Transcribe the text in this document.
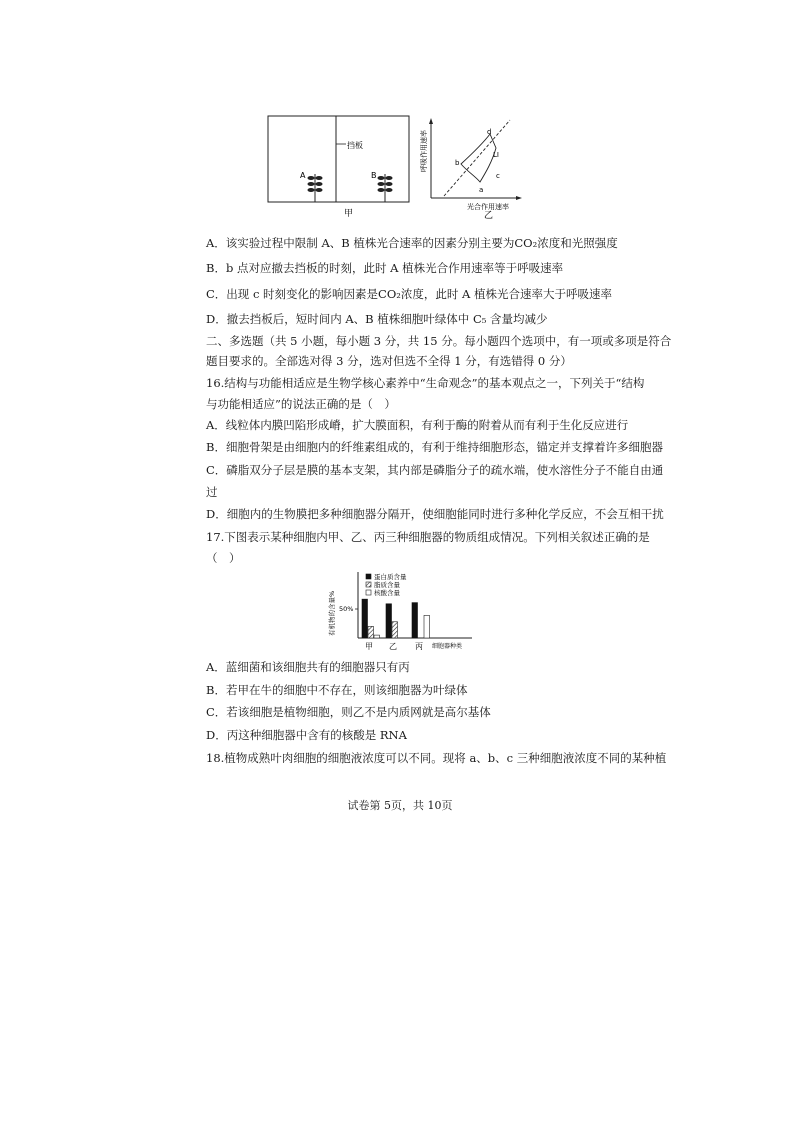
挡板
A	B
甲
呼吸作用速率
光合作用速率
乙
d
b
LI
c
a
A．该实验过程中限制 A、B 植株光合速率的因素分别主要为CO₂浓度和光照强度
B．b 点对应撤去挡板的时刻，此时 A 植株光合作用速率等于呼吸速率
C．出现 c 时刻变化的影响因素是CO₂浓度，此时 A 植株光合速率大于呼吸速率
D．撤去挡板后，短时间内 A、B 植株细胞叶绿体中 C₅ 含量均减少
二、多选题（共 5 小题，每小题 3 分，共 15 分。每小题四个选项中，有一项或多项是符合
题目要求的。全部选对得 3 分，选对但选不全得 1 分，有选错得 0 分）
16.结构与功能相适应是生物学核心素养中“生命观念”的基本观点之一，下列关于“结构
与功能相适应”的说法正确的是（　）
A．线粒体内膜凹陷形成嵴，扩大膜面积，有利于酶的附着从而有利于生化反应进行
B．细胞骨架是由细胞内的纤维素组成的，有利于维持细胞形态，锚定并支撑着许多细胞器
C．磷脂双分子层是膜的基本支架，其内部是磷脂分子的疏水端，使水溶性分子不能自由通
过
D．细胞内的生物膜把多种细胞器分隔开，使细胞能同时进行多种化学反应，不会互相干扰
17.下图表示某种细胞内甲、乙、丙三种细胞器的物质组成情况。下列相关叙述正确的是
（　）
有机物的含量% 50%
蛋白质含量
脂质含量
核酸含量
甲 乙 丙 细胞器种类
A．蓝细菌和该细胞共有的细胞器只有丙
B．若甲在牛的细胞中不存在，则该细胞器为叶绿体
C．若该细胞是植物细胞，则乙不是内质网就是高尔基体
D．丙这种细胞器中含有的核酸是 RNA
18.植物成熟叶肉细胞的细胞液浓度可以不同。现将 a、b、c 三种细胞液浓度不同的某种植
试卷第 5页，共 10页
